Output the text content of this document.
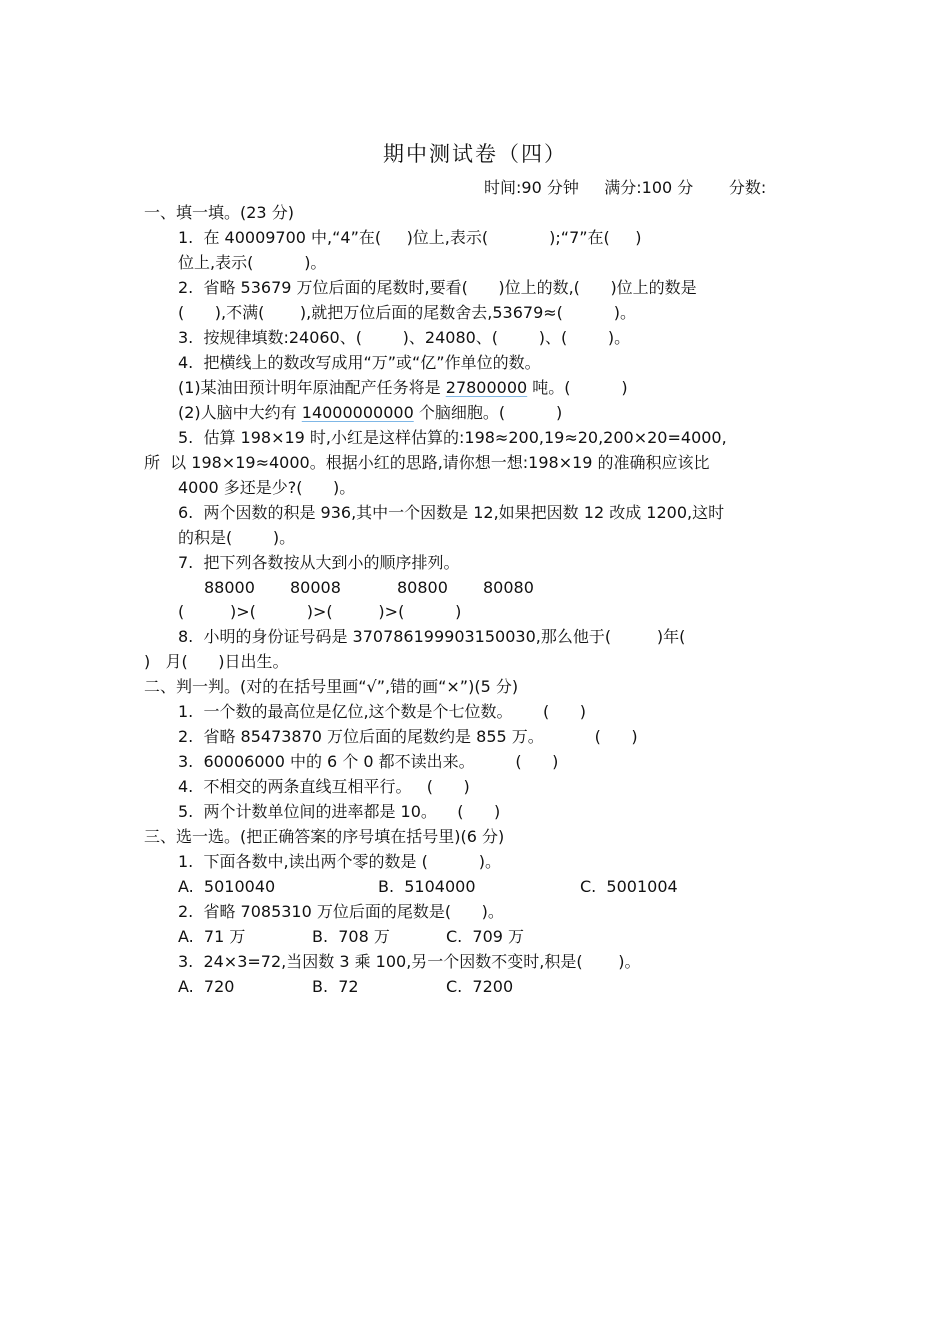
期中测试卷（四）
时间:90 分钟     满分:100 分       分数:
一、填一填。(23 分)
1.  在 40009700 中,“4”在(     )位上,表示(            );“7”在(     )
位上,表示(          )。
2.  省略 53679 万位后面的尾数时,要看(      )位上的数,(      )位上的数是
(      ),不满(       ),就把万位后面的尾数舍去,53679≈(          )。
3.  按规律填数:24060、(        )、24080、(        )、(        )。
4.  把横线上的数改写成用“万”或“亿”作单位的数。
(1)某油田预计明年原油配产任务将是 27800000 吨。(          )
(2)人脑中大约有 14000000000 个脑细胞。(          )
5.  估算 198×19 时,小红是这样估算的:198≈200,19≈20,200×20=4000,
所  以 198×19≈4000。根据小红的思路,请你想一想:198×19 的准确积应该比
4000 多还是少?(      )。
6.  两个因数的积是 936,其中一个因数是 12,如果把因数 12 改成 1200,这时
的积是(        )。
7.  把下列各数按从大到小的顺序排列。
88000 80008	80800 80080
(         )>(          )>(         )>(          )
8.  小明的身份证号码是 370786199903150030,那么他于(         )年(
)   月(      )日出生。
二、判一判。(对的在括号里画“√”,错的画“×”)(5 分)
1.  一个数的最高位是亿位,这个数是个七位数。      (      )
2.  省略 85473870 万位后面的尾数约是 855 万。          (      )
3.  60006000 中的 6 个 0 都不读出来。        (      )
4.  不相交的两条直线互相平行。   (      )
5.  两个计数单位间的进率都是 10。    (      )
三、选一选。(把正确答案的序号填在括号里)(6 分)
1.  下面各数中,读出两个零的数是 (          )。
A.  5010040	B.  5104000	C.  5001004
2.  省略 7085310 万位后面的尾数是(      )。
A.  71 万	B.  708 万	C.  709 万
3.  24×3=72,当因数 3 乘 100,另一个因数不变时,积是(       )。
A.  720	B.  72	C.  7200
